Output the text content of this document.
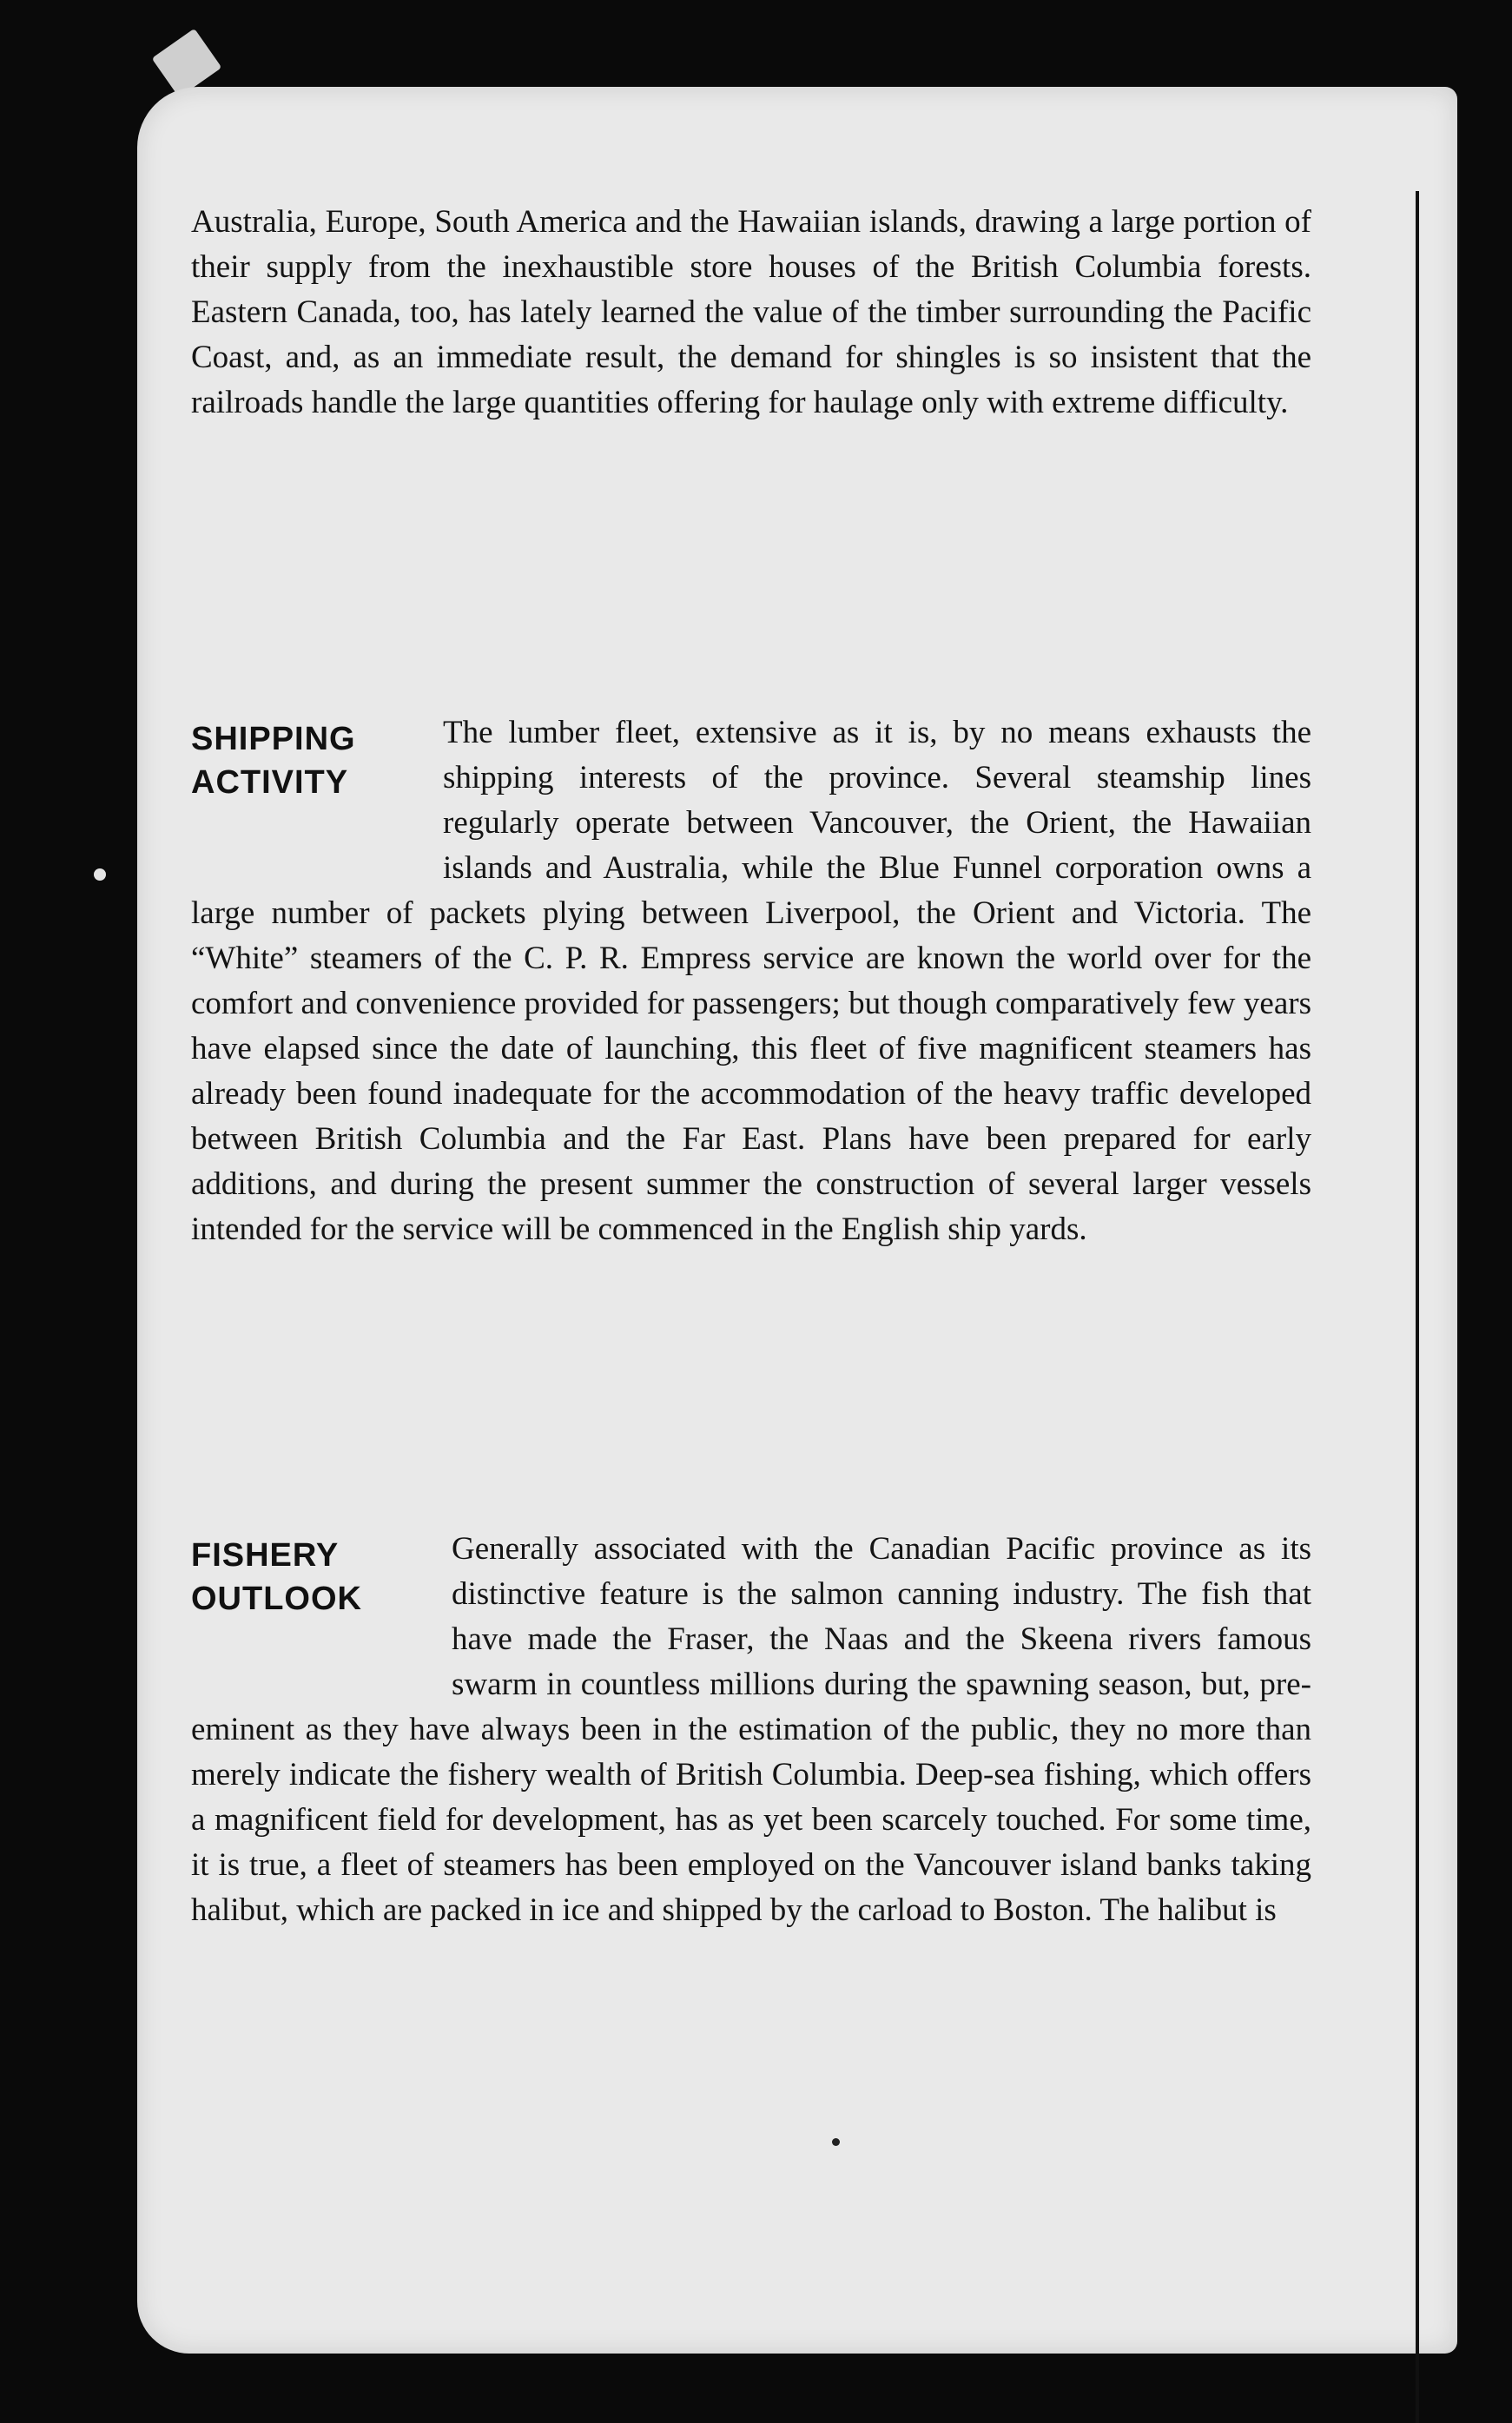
Australia, Europe, South America and the Hawaiian islands, drawing a large portion of their supply from the inexhaustible store houses of the British Columbia forests. Eastern Canada, too, has lately learned the value of the timber surrounding the Pacific Coast, and, as an immediate result, the demand for shingles is so insistent that the railroads handle the large quantities offering for haulage only with extreme difficulty.
SHIPPING
ACTIVITY
The lumber fleet, extensive as it is, by no means exhausts the shipping interests of the province. Several steamship lines regularly operate between Vancouver, the Orient, the Hawaiian islands and Australia, while the Blue Funnel corporation owns a large number of packets plying between Liverpool, the Orient and Victoria. The “White” steamers of the C. P. R. Empress service are known the world over for the comfort and convenience provided for passengers; but though comparatively few years have elapsed since the date of launching, this fleet of five magnificent steamers has already been found inadequate for the accommodation of the heavy traffic developed between British Columbia and the Far East. Plans have been prepared for early additions, and during the present summer the construction of several larger vessels intended for the service will be commenced in the English ship yards.
FISHERY
OUTLOOK
Generally associated with the Canadian Pacific province as its distinctive feature is the salmon canning industry. The fish that have made the Fraser, the Naas and the Skeena rivers famous swarm in countless millions during the spawning season, but, pre-eminent as they have always been in the estimation of the public, they no more than merely indicate the fishery wealth of British Columbia. Deep-sea fishing, which offers a magnificent field for development, has as yet been scarcely touched. For some time, it is true, a fleet of steamers has been employed on the Vancouver island banks taking halibut, which are packed in ice and shipped by the carload to Boston. The halibut is
